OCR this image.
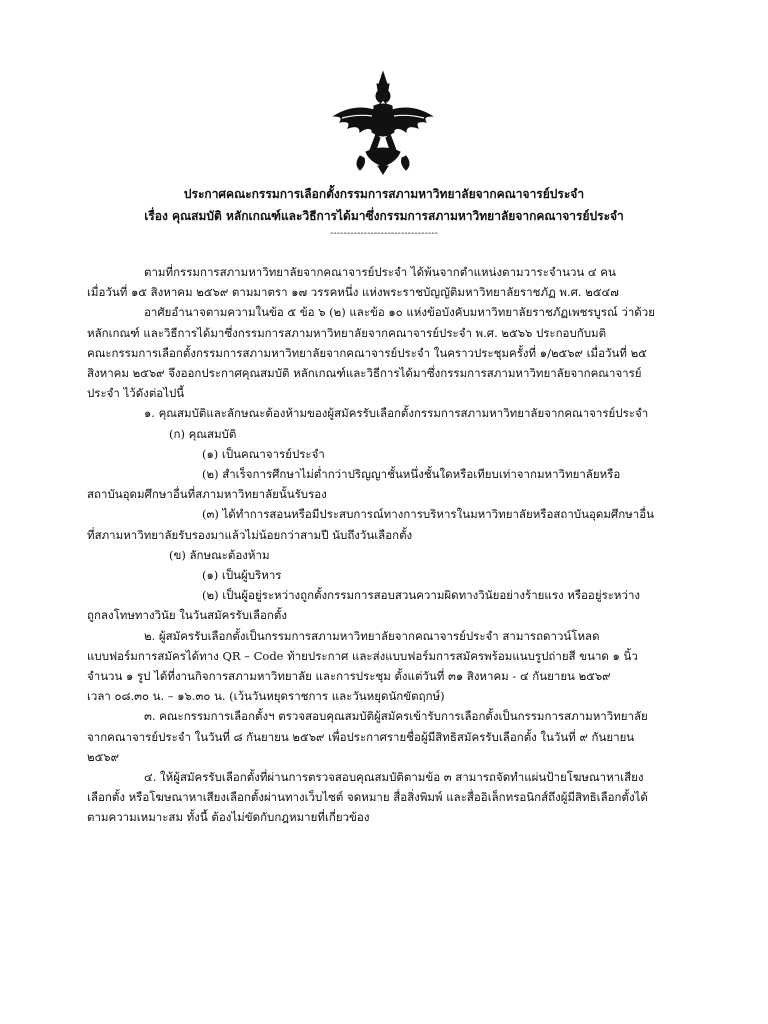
ประกาศคณะกรรมการเลือกตั้งกรรมการสภามหาวิทยาลัยจากคณาจารย์ประจำ
เรื่อง คุณสมบัติ หลักเกณฑ์และวิธีการได้มาซึ่งกรรมการสภามหาวิทยาลัยจากคณาจารย์ประจำ
--------------------------------
ตามที่กรรมการสภามหาวิทยาลัยจากคณาจารย์ประจำ ได้พ้นจากตำแหน่งตามวาระจำนวน ๔ คน
เมื่อวันที่ ๑๕ สิงหาคม ๒๕๖๙ ตามมาตรา ๑๗ วรรคหนึ่ง แห่งพระราชบัญญัติมหาวิทยาลัยราชภัฏ พ.ศ. ๒๕๔๗
อาศัยอำนาจตามความในข้อ ๕ ข้อ ๖ (๒) และข้อ ๑๐ แห่งข้อบังคับมหาวิทยาลัยราชภัฏเพชรบูรณ์ ว่าด้วย
หลักเกณฑ์ และวิธีการได้มาซึ่งกรรมการสภามหาวิทยาลัยจากคณาจารย์ประจำ พ.ศ. ๒๕๖๖ ประกอบกับมติ
คณะกรรมการเลือกตั้งกรรมการสภามหาวิทยาลัยจากคณาจารย์ประจำ ในคราวประชุมครั้งที่ ๑/๒๕๖๙ เมื่อวันที่ ๒๕
สิงหาคม ๒๕๖๙ จึงออกประกาศคุณสมบัติ หลักเกณฑ์และวิธีการได้มาซึ่งกรรมการสภามหาวิทยาลัยจากคณาจารย์
ประจำ ไว้ดังต่อไปนี้
๑. คุณสมบัติและลักษณะต้องห้ามของผู้สมัครรับเลือกตั้งกรรมการสภามหาวิทยาลัยจากคณาจารย์ประจำ
(ก) คุณสมบัติ
(๑) เป็นคณาจารย์ประจำ
(๒) สำเร็จการศึกษาไม่ต่ำกว่าปริญญาชั้นหนึ่งชั้นใดหรือเทียบเท่าจากมหาวิทยาลัยหรือ
สถาบันอุดมศึกษาอื่นที่สภามหาวิทยาลัยนั้นรับรอง
(๓) ได้ทำการสอนหรือมีประสบการณ์ทางการบริหารในมหาวิทยาลัยหรือสถาบันอุดมศึกษาอื่น
ที่สภามหาวิทยาลัยรับรองมาแล้วไม่น้อยกว่าสามปี นับถึงวันเลือกตั้ง
(ข) ลักษณะต้องห้าม
(๑) เป็นผู้บริหาร
(๒) เป็นผู้อยู่ระหว่างถูกตั้งกรรมการสอบสวนความผิดทางวินัยอย่างร้ายแรง หรืออยู่ระหว่าง
ถูกลงโทษทางวินัย ในวันสมัครรับเลือกตั้ง
๒. ผู้สมัครรับเลือกตั้งเป็นกรรมการสภามหาวิทยาลัยจากคณาจารย์ประจำ สามารถดาวน์โหลด
แบบฟอร์มการสมัครได้ทาง QR – Code ท้ายประกาศ และส่งแบบฟอร์มการสมัครพร้อมแนบรูปถ่ายสี ขนาด ๑ นิ้ว
จำนวน ๑ รูป ได้ที่งานกิจการสภามหาวิทยาลัย และการประชุม ตั้งแต่วันที่ ๓๑ สิงหาคม - ๔ กันยายน ๒๕๖๙
เวลา ๐๘.๓๐ น. – ๑๖.๓๐ น. (เว้นวันหยุดราชการ และวันหยุดนักขัตฤกษ์)
๓. คณะกรรมการเลือกตั้งฯ ตรวจสอบคุณสมบัติผู้สมัครเข้ารับการเลือกตั้งเป็นกรรมการสภามหาวิทยาลัย
จากคณาจารย์ประจำ ในวันที่ ๘ กันยายน ๒๕๖๙ เพื่อประกาศรายชื่อผู้มีสิทธิสมัครรับเลือกตั้ง ในวันที่ ๙ กันยายน
๒๕๖๙
๔. ให้ผู้สมัครรับเลือกตั้งที่ผ่านการตรวจสอบคุณสมบัติตามข้อ ๓ สามารถจัดทำแผ่นป้ายโฆษณาหาเสียง
เลือกตั้ง หรือโฆษณาหาเสียงเลือกตั้งผ่านทางเว็บไซต์ จดหมาย สื่อสิ่งพิมพ์ และสื่ออิเล็กทรอนิกส์ถึงผู้มีสิทธิเลือกตั้งได้
ตามความเหมาะสม ทั้งนี้ ต้องไม่ขัดกับกฎหมายที่เกี่ยวข้อง
